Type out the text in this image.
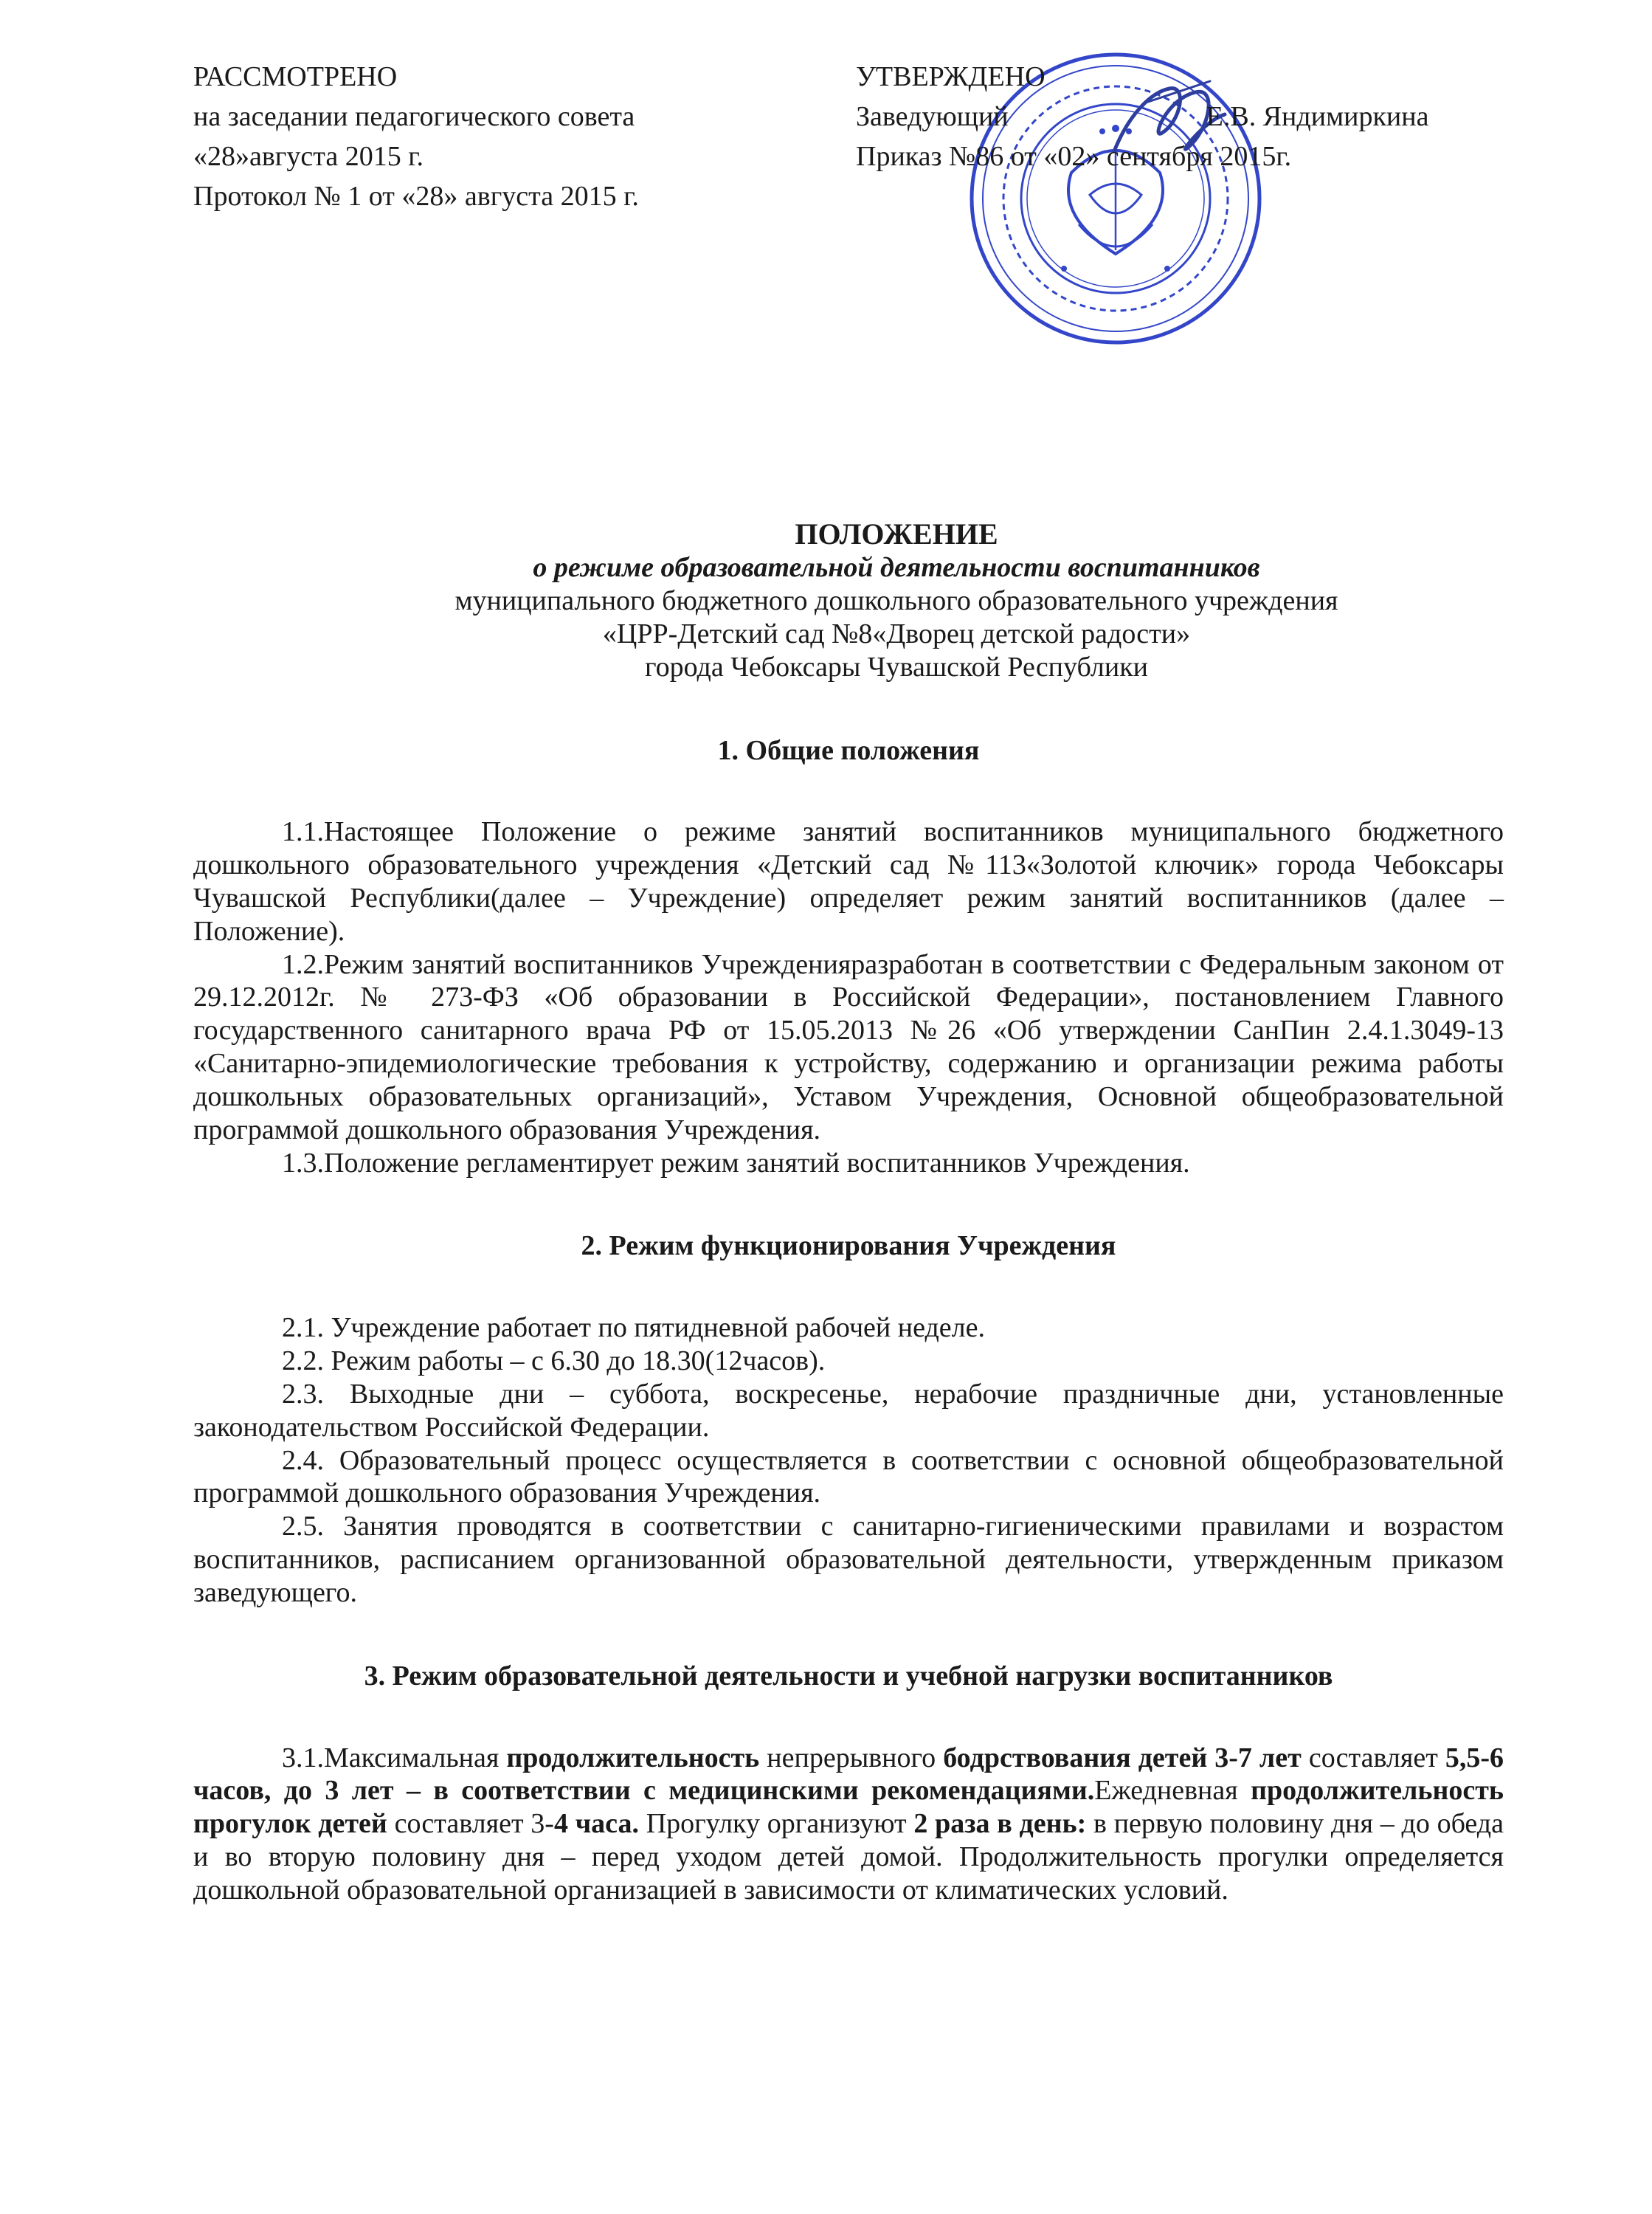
РАССМОТРЕНО
на заседании педагогического совета
«28»августа 2015 г.
Протокол № 1 от «28» августа 2015 г.
УТВЕРЖДЕНО
Заведующий	Е.В. Яндимиркина
Приказ №86 от «02» сентября 2015г.
ПОЛОЖЕНИЕ
о режиме образовательной деятельности воспитанников
муниципального бюджетного дошкольного образовательного учреждения
«ЦРР-Детский сад №8«Дворец детской радости»
города Чебоксары Чувашской Республики
1. Общие положения

1.1.Настоящее Положение о режиме занятий воспитанников муниципального бюджетного дошкольного образовательного учреждения «Детский сад №113«Золотой ключик» города Чебоксары Чувашской Республики(далее – Учреждение) определяет режим занятий воспитанников (далее – Положение).

1.2.Режим занятий воспитанников Учрежденияразработан в соответствии с Федеральным законом от 29.12.2012г. № 273-ФЗ «Об образовании в Российской Федерации», постановлением Главного государственного санитарного врача РФ от 15.05.2013 №26 «Об утверждении СанПин 2.4.1.3049-13 «Санитарно-эпидемиологические требования к устройству, содержанию и организации режима работы дошкольных образовательных организаций», Уставом Учреждения, Основной общеобразовательной программой дошкольного образования Учреждения.

1.3.Положение регламентирует режим занятий воспитанников Учреждения.

2. Режим функционирования Учреждения

2.1. Учреждение работает по пятидневной рабочей неделе.

2.2. Режим работы – с 6.30 до 18.30(12часов).

2.3. Выходные дни – суббота, воскресенье, нерабочие праздничные дни, установленные законодательством Российской Федерации.

2.4. Образовательный процесс осуществляется в соответствии с основной общеобразовательной программой дошкольного образования Учреждения.

2.5. Занятия проводятся в соответствии с санитарно-гигиеническими правилами и возрастом воспитанников, расписанием организованной образовательной деятельности, утвержденным приказом заведующего.

3. Режим образовательной деятельности и учебной нагрузки воспитанников

3.1.Максимальная продолжительность непрерывного бодрствования детей 3-7 лет составляет 5,5-6 часов, до 3 лет – в соответствии с медицинскими рекомендациями.Ежедневная продолжительность прогулок детей составляет 3-4 часа. Прогулку организуют 2 раза в день: в первую половину дня – до обеда и во вторую половину дня – перед уходом детей домой. Продолжительность прогулки определяется дошкольной образовательной организацией в зависимости от климатических условий.
